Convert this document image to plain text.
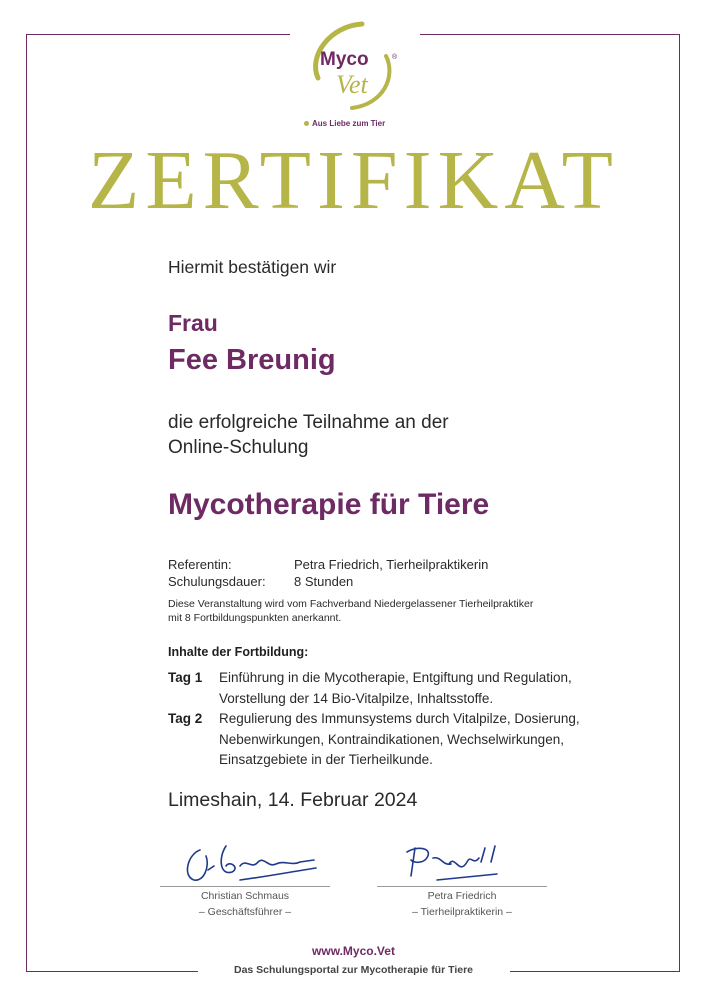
Myco	®
Vet
Aus Liebe zum Tier
ZERTIFIKAT
Hiermit bestätigen wir
Frau
Fee Breunig
die erfolgreiche Teilnahme an der
Online-Schulung
Mycotherapie für Tiere
Referentin:	Petra Friedrich, Tierheilpraktikerin
Schulungsdauer:	8 Stunden
Diese Veranstaltung wird vom Fachverband Niedergelassener Tierheilpraktiker
mit 8 Fortbildungspunkten anerkannt.
Inhalte der Fortbildung:
Tag 1	Einführung in die Mycotherapie, Entgiftung und Regulation,
Vorstellung der 14 Bio-Vitalpilze, Inhaltsstoffe.
Tag 2	Regulierung des Immunsystems durch Vitalpilze, Dosierung,
Nebenwirkungen, Kontraindikationen, Wechselwirkungen,
Einsatzgebiete in der Tierheilkunde.
Limeshain, 14. Februar 2024
Christian Schmaus
– Geschäftsführer –
Petra Friedrich
– Tierheilpraktikerin –
www.Myco.Vet
Das Schulungsportal zur Mycotherapie für Tiere
